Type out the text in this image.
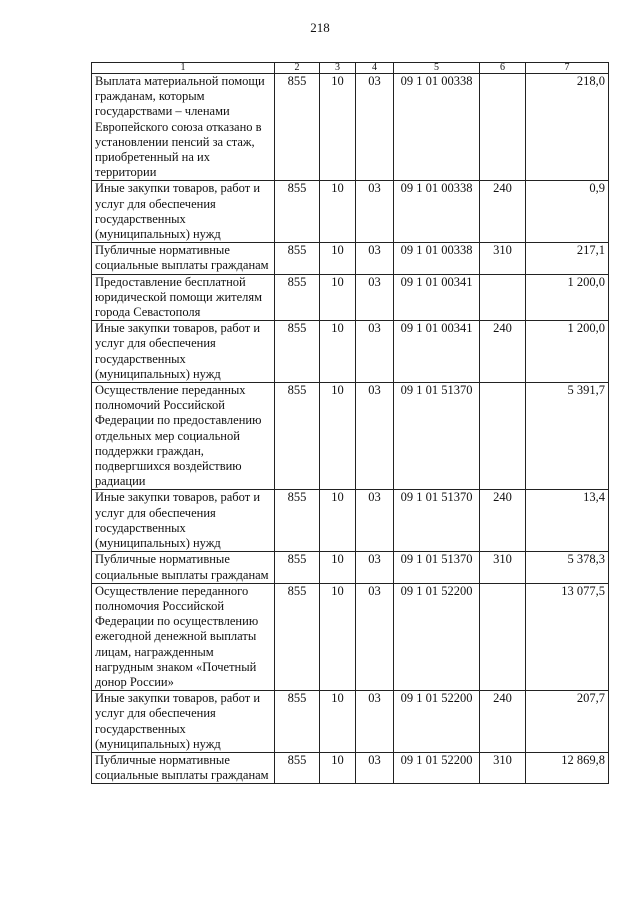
218
1	2	3	4	5	6	7
Выплата материальной помощи гражданам, которым государствами – членами Европейского союза отказано в установлении пенсий за стаж, приобретенный на их территории	855	10	03	09 1 01 00338		218,0
Иные закупки товаров, работ и услуг для обеспечения государственных (муниципальных) нужд	855	10	03	09 1 01 00338	240	0,9
Публичные нормативные социальные выплаты гражданам	855	10	03	09 1 01 00338	310	217,1
Предоставление бесплатной юридической помощи жителям города Севастополя	855	10	03	09 1 01 00341		1 200,0
Иные закупки товаров, работ и услуг для обеспечения государственных (муниципальных) нужд	855	10	03	09 1 01 00341	240	1 200,0
Осуществление переданных полномочий Российской Федерации по предоставлению отдельных мер социальной поддержки граждан, подвергшихся воздействию радиации	855	10	03	09 1 01 51370		5 391,7
Иные закупки товаров, работ и услуг для обеспечения государственных (муниципальных) нужд	855	10	03	09 1 01 51370	240	13,4
Публичные нормативные социальные выплаты гражданам	855	10	03	09 1 01 51370	310	5 378,3
Осуществление переданного полномочия Российской Федерации по осуществлению ежегодной денежной выплаты лицам, награжденным нагрудным знаком «Почетный донор России»	855	10	03	09 1 01 52200		13 077,5
Иные закупки товаров, работ и услуг для обеспечения государственных (муниципальных) нужд	855	10	03	09 1 01 52200	240	207,7
Публичные нормативные социальные выплаты гражданам	855	10	03	09 1 01 52200	310	12 869,8
